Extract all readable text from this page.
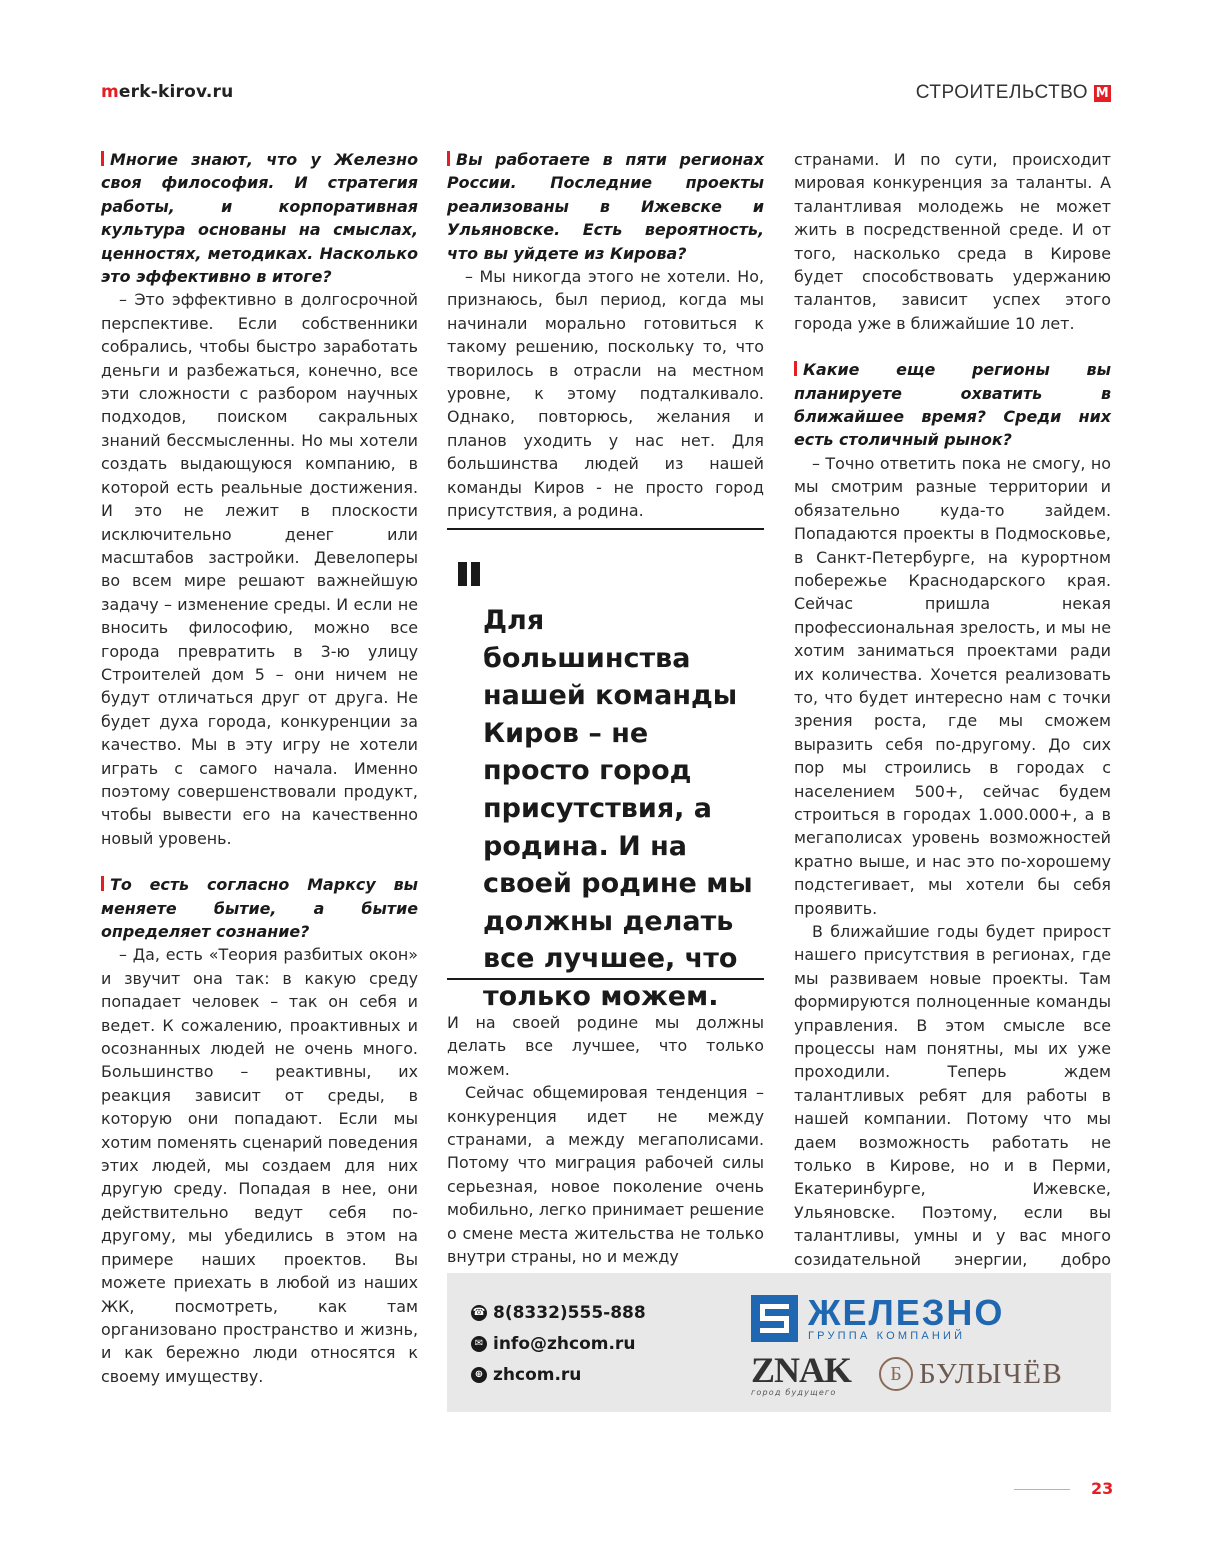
merk-kirov.ru	СТРОИТЕЛЬСТВО M

Многие знают, что у Железно своя философия. И стратегия работы, и корпоративная культура основаны на смыслах, ценностях, методиках. Насколько это эффективно в итоге?

– Это эффективно в долгосрочной перспективе. Если собственники собрались, чтобы быстро заработать деньги и разбежаться, конечно, все эти сложности с разбором научных подходов, поиском сакральных знаний бессмысленны. Но мы хотели создать выдающуюся компанию, в которой есть реальные достижения. И это не лежит в плоскости исключительно денег или масштабов застройки. Девелоперы во всем мире решают важнейшую задачу – изменение среды. И если не вносить философию, можно все города превратить в 3-ю улицу Строителей дом 5 – они ничем не будут отличаться друг от друга. Не будет духа города, конкуренции за качество. Мы в эту игру не хотели играть с самого начала. Именно поэтому совершенствовали продукт, чтобы вывести его на качественно новый уровень.

То есть согласно Марксу вы меняете бытие, а бытие определяет сознание?

– Да, есть «Теория разбитых окон» и звучит она так: в какую среду попадает человек – так он себя и ведет. К сожалению, проактивных и осознанных людей не очень много. Большинство – реактивны, их реакция зависит от среды, в которую они попадают. Если мы хотим поменять сценарий поведения этих людей, мы создаем для них другую среду. Попадая в нее, они действительно ведут себя по-другому, мы убедились в этом на примере наших проектов. Вы можете приехать в любой из наших ЖК, посмотреть, как там организовано пространство и жизнь, и как бережно люди относятся к своему имуществу.

Вы работаете в пяти регионах России. Последние проекты реализованы в Ижевске и Ульяновске. Есть вероятность, что вы уйдете из Кирова?

– Мы никогда этого не хотели. Но, признаюсь, был период, когда мы начинали морально готовиться к такому решению, поскольку то, что творилось в отрасли на местном уровне, к этому подталкивало. Однако, повторюсь, желания и планов уходить у нас нет. Для большинства людей из нашей команды Киров - не просто город присутствия, а родина.

Для большинства нашей команды Киров – не просто город присутствия, а родина. И на своей родине мы должны делать все лучшее, что только можем.

И на своей родине мы должны делать все лучшее, что только можем.

Сейчас общемировая тенденция – конкуренция идет не между странами, а между мегаполисами. Потому что миграция рабочей силы серьезная, новое поколение очень мобильно, легко принимает решение о смене места жительства не только внутри страны, но и между

странами. И по сути, происходит мировая конкуренция за таланты. А талантливая молодежь не может жить в посредственной среде. И от того, насколько среда в Кирове будет способствовать удержанию талантов, зависит успех этого города уже в ближайшие 10 лет.

Какие еще регионы вы планируете охватить в ближайшее время? Среди них есть столичный рынок?

– Точно ответить пока не смогу, но мы смотрим разные территории и обязательно куда-то зайдем. Попадаются проекты в Подмосковье, в Санкт-Петербурге, на курортном побережье Краснодарского края. Сейчас пришла некая профессиональная зрелость, и мы не хотим заниматься проектами ради их количества. Хочется реализовать то, что будет интересно нам с точки зрения роста, где мы сможем выразить себя по-другому. До сих пор мы строились в городах с населением 500+, сейчас будем строиться в городах 1.000.000+, а в мегаполисах уровень возможностей кратно выше, и нас это по-хорошему подстегивает, мы хотели бы себя проявить.

В ближайшие годы будет прирост нашего присутствия в регионах, где мы развиваем новые проекты. Там формируются полноценные команды управления. В этом смысле все процессы нам понятны, мы их уже проходили. Теперь ждем талантливых ребят для работы в нашей компании. Потому что мы даем возможность работать не только в Кирове, но и в Перми, Екатеринбурге, Ижевске, Ульяновске. Поэтому, если вы талантливы, умны и у вас много созидательной энергии, добро

☎ 8(8332)555-888
✉ info@zhcom.ru
⊕ zhcom.ru
ЖЕЛЕЗНО
ГРУППА КОМПАНИЙ
ZNAK
город будущего
Б БУЛЫЧЁВ
23
